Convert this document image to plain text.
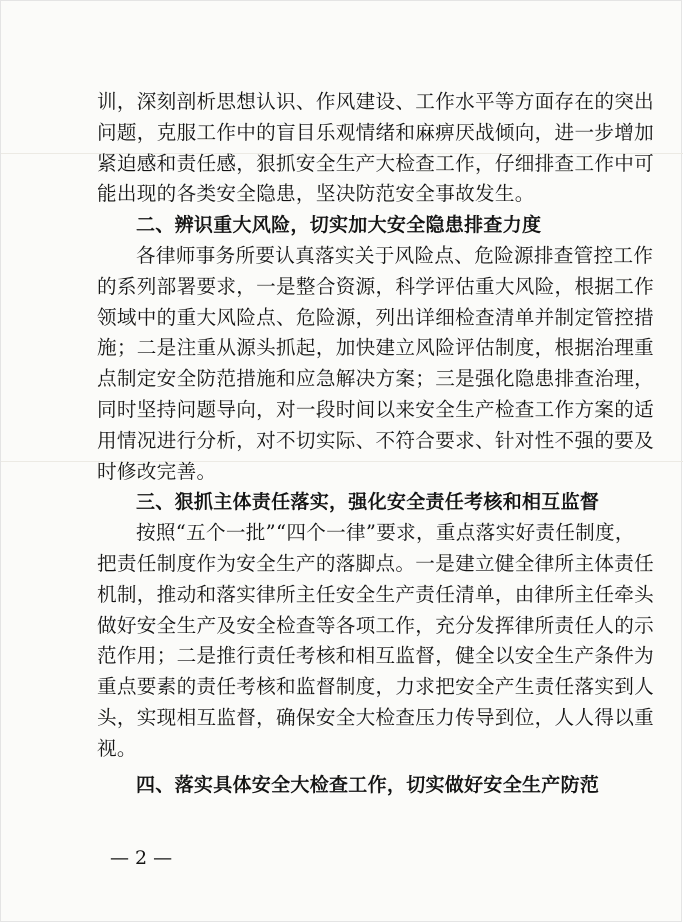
训，深刻剖析思想认识、作风建设、工作水平等方面存在的突出
问题，克服工作中的盲目乐观情绪和麻痹厌战倾向，进一步增加
紧迫感和责任感，狠抓安全生产大检查工作，仔细排查工作中可
能出现的各类安全隐患，坚决防范安全事故发生。
二、辨识重大风险，切实加大安全隐患排查力度
各律师事务所要认真落实关于风险点、危险源排查管控工作
的系列部署要求，一是整合资源，科学评估重大风险，根据工作
领域中的重大风险点、危险源，列出详细检查清单并制定管控措
施；二是注重从源头抓起，加快建立风险评估制度，根据治理重
点制定安全防范措施和应急解决方案；三是强化隐患排查治理，
同时坚持问题导向，对一段时间以来安全生产检查工作方案的适
用情况进行分析，对不切实际、不符合要求、针对性不强的要及
时修改完善。
三、狠抓主体责任落实，强化安全责任考核和相互监督
按照“五个一批”“四个一律”要求，重点落实好责任制度，
把责任制度作为安全生产的落脚点。一是建立健全律所主体责任
机制，推动和落实律所主任安全生产责任清单，由律所主任牵头
做好安全生产及安全检查等各项工作，充分发挥律所责任人的示
范作用；二是推行责任考核和相互监督，健全以安全生产条件为
重点要素的责任考核和监督制度，力求把安全产生责任落实到人
头，实现相互监督，确保安全大检查压力传导到位，人人得以重
视。
四、落实具体安全大检查工作，切实做好安全生产防范
— 2 —
